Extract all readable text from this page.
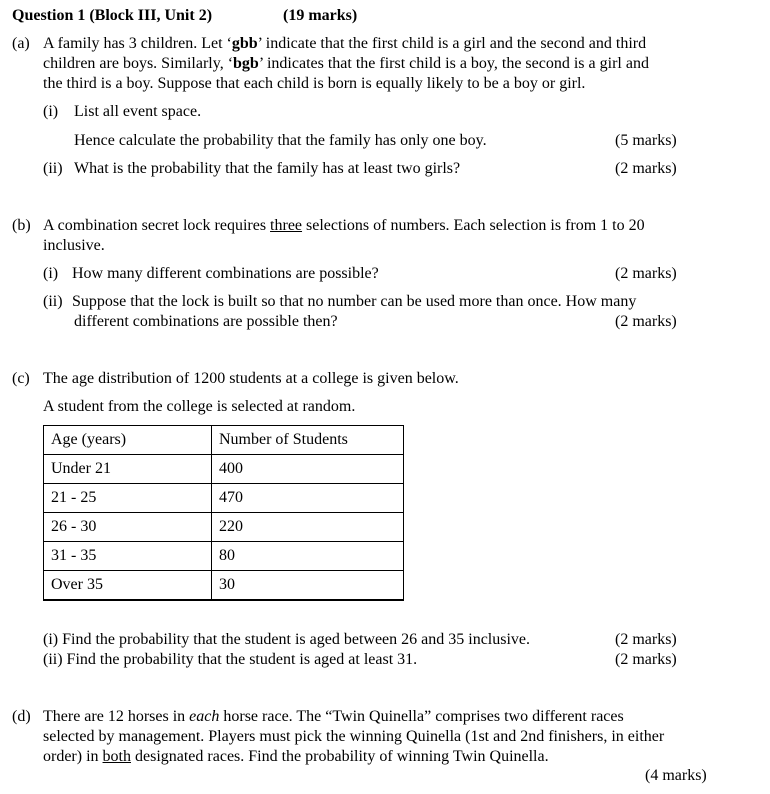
Question 1 (Block III, Unit 2)	(19 marks)
(a) A family has 3 children. Let ‘gbb’ indicate that the first child is a girl and the second and third
children are boys. Similarly, ‘bgb’ indicates that the first child is a boy, the second is a girl and
the third is a boy. Suppose that each child is born is equally likely to be a boy or girl.
(i) List all event space.
Hence calculate the probability that the family has only one boy.	(5 marks)
(ii) What is the probability that the family has at least two girls?	(2 marks)
(b) A combination secret lock requires three selections of numbers. Each selection is from 1 to 20
inclusive.
(i) How many different combinations are possible?	(2 marks)
(ii) Suppose that the lock is built so that no number can be used more than once. How many
different combinations are possible then?	(2 marks)
(c) The age distribution of 1200 students at a college is given below.
A student from the college is selected at random.
Age (years)	Number of Students
Under 21	400
21 - 25	470
26 - 30	220
31 - 35	80
Over 35	30
(i) Find the probability that the student is aged between 26 and 35 inclusive.	(2 marks)
(ii) Find the probability that the student is aged at least 31.	(2 marks)
(d) There are 12 horses in each horse race. The “Twin Quinella” comprises two different races
selected by management. Players must pick the winning Quinella (1st and 2nd finishers, in either
order) in both designated races. Find the probability of winning Twin Quinella.
(4 marks)
